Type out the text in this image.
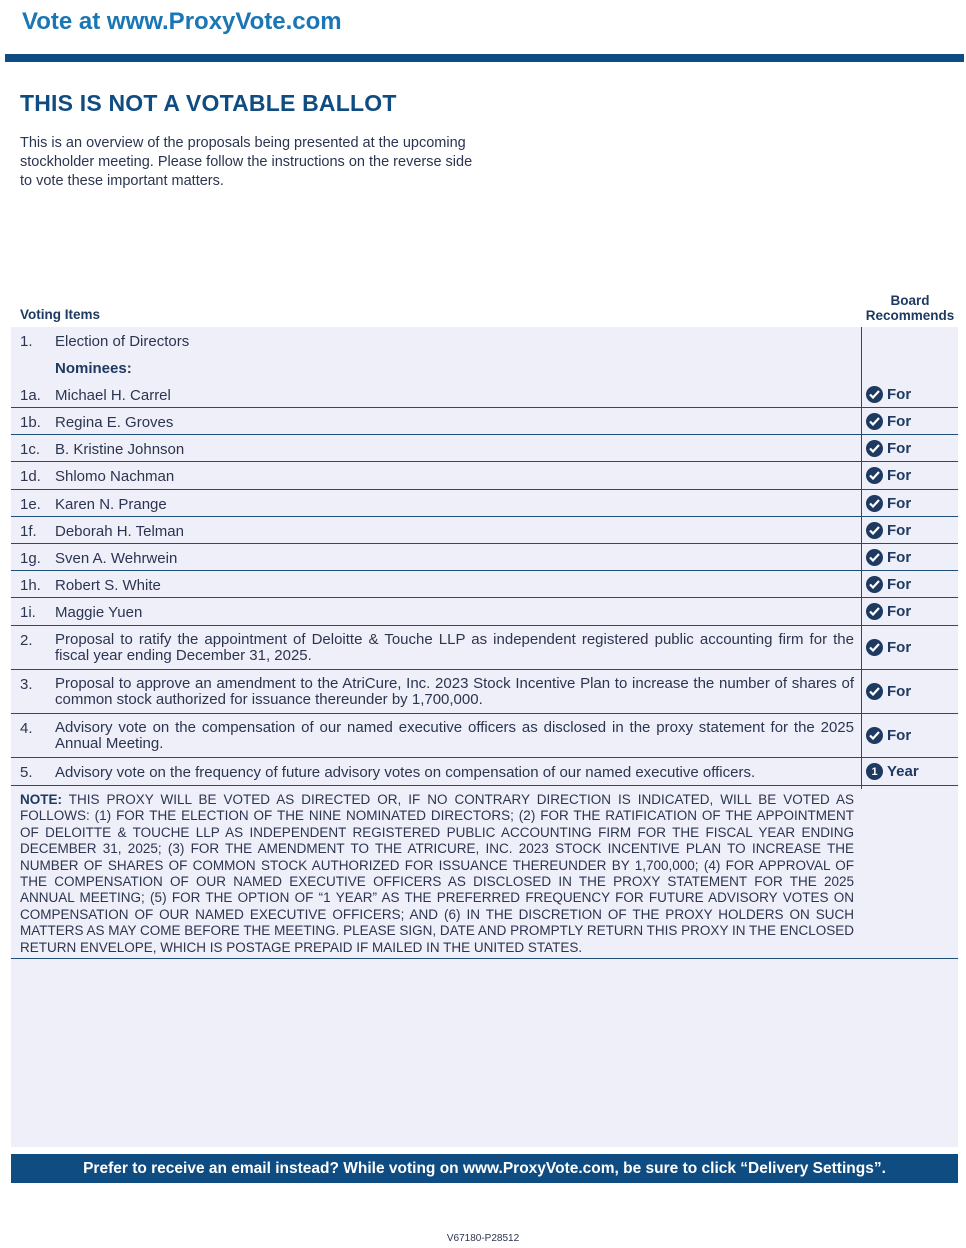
Vote at www.ProxyVote.com
THIS IS NOT A VOTABLE BALLOT
This is an overview of the proposals being presented at the upcoming stockholder meeting. Please follow the instructions on the reverse side to vote these important matters.
Voting Items
Board Recommends
1. Election of Directors
Nominees:
1a. Michael H. Carrel	For
1b. Regina E. Groves	For
1c. B. Kristine Johnson	For
1d. Shlomo Nachman	For
1e. Karen N. Prange	For
1f. Deborah H. Telman	For
1g. Sven A. Wehrwein	For
1h. Robert S. White	For
1i. Maggie Yuen	For
2. Proposal to ratify the appointment of Deloitte & Touche LLP as independent registered public accounting firm for the fiscal year ending December 31, 2025.	For
3. Proposal to approve an amendment to the AtriCure, Inc. 2023 Stock Incentive Plan to increase the number of shares of common stock authorized for issuance thereunder by 1,700,000.	For
4. Advisory vote on the compensation of our named executive officers as disclosed in the proxy statement for the 2025 Annual Meeting.	For
5. Advisory vote on the frequency of future advisory votes on compensation of our named executive officers.	1 Year
NOTE: THIS PROXY WILL BE VOTED AS DIRECTED OR, IF NO CONTRARY DIRECTION IS INDICATED, WILL BE VOTED AS FOLLOWS: (1) FOR THE ELECTION OF THE NINE NOMINATED DIRECTORS; (2) FOR THE RATIFICATION OF THE APPOINTMENT OF DELOITTE & TOUCHE LLP AS INDEPENDENT REGISTERED PUBLIC ACCOUNTING FIRM FOR THE FISCAL YEAR ENDING DECEMBER 31, 2025; (3) FOR THE AMENDMENT TO THE ATRICURE, INC. 2023 STOCK INCENTIVE PLAN TO INCREASE THE NUMBER OF SHARES OF COMMON STOCK AUTHORIZED FOR ISSUANCE THEREUNDER BY 1,700,000; (4) FOR APPROVAL OF THE COMPENSATION OF OUR NAMED EXECUTIVE OFFICERS AS DISCLOSED IN THE PROXY STATEMENT FOR THE 2025 ANNUAL MEETING; (5) FOR THE OPTION OF “1 YEAR” AS THE PREFERRED FREQUENCY FOR FUTURE ADVISORY VOTES ON COMPENSATION OF OUR NAMED EXECUTIVE OFFICERS; AND (6) IN THE DISCRETION OF THE PROXY HOLDERS ON SUCH MATTERS AS MAY COME BEFORE THE MEETING. PLEASE SIGN, DATE AND PROMPTLY RETURN THIS PROXY IN THE ENCLOSED RETURN ENVELOPE, WHICH IS POSTAGE PREPAID IF MAILED IN THE UNITED STATES.
Prefer to receive an email instead? While voting on www.ProxyVote.com, be sure to click “Delivery Settings”.
V67180-P28512
